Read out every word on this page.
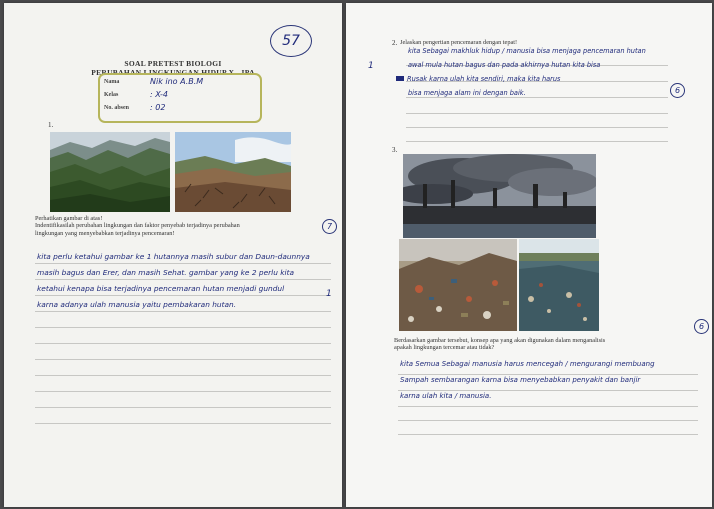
57
SOAL PRETEST BIOLOGI
PERUBAHAN LINGKUNGAN HIDUP X - IPA
Nama	Nik ino A.B.M
Kelas	: X-4
No. absen	: 02
1.
Perhatikan gambar di atas!
Indentifikasilah perubahan lingkungan dan faktor penyebab terjadinya perubahan
lingkungan yang menyebabkan terjadinya pencemaran!
7
kita perlu ketahui gambar ke 1 hutannya masih subur dan Daun-daunnya
masih bagus dan Erer, dan masih Sehat. gambar yang ke 2 perlu kita
ketahui kenapa bisa terjadinya pencemaran hutan menjadi gundul
karna adanya ulah manusia yaitu pembakaran hutan.
1
2. Jelaskan pengertian pencemaran dengan tepat!
1
6
kita Sebagai makhluk hidup / manusia bisa menjaga pencemaran hutan
awal mula hutan bagus dan pada akhirnya hutan kita bisa
Rusak karna ulah kita sendiri, maka kita harus
bisa menjaga alam ini dengan baik.
3.
6
Berdasarkan gambar tersebut, konsep apa yang akan digunakan dalam menganalisis
apakah lingkungan tercemar atau tidak?
kita Semua Sebagai manusia harus mencegah / mengurangi membuang
Sampah sembarangan karna bisa menyebabkan penyakit dan banjir
karna ulah kita / manusia.
